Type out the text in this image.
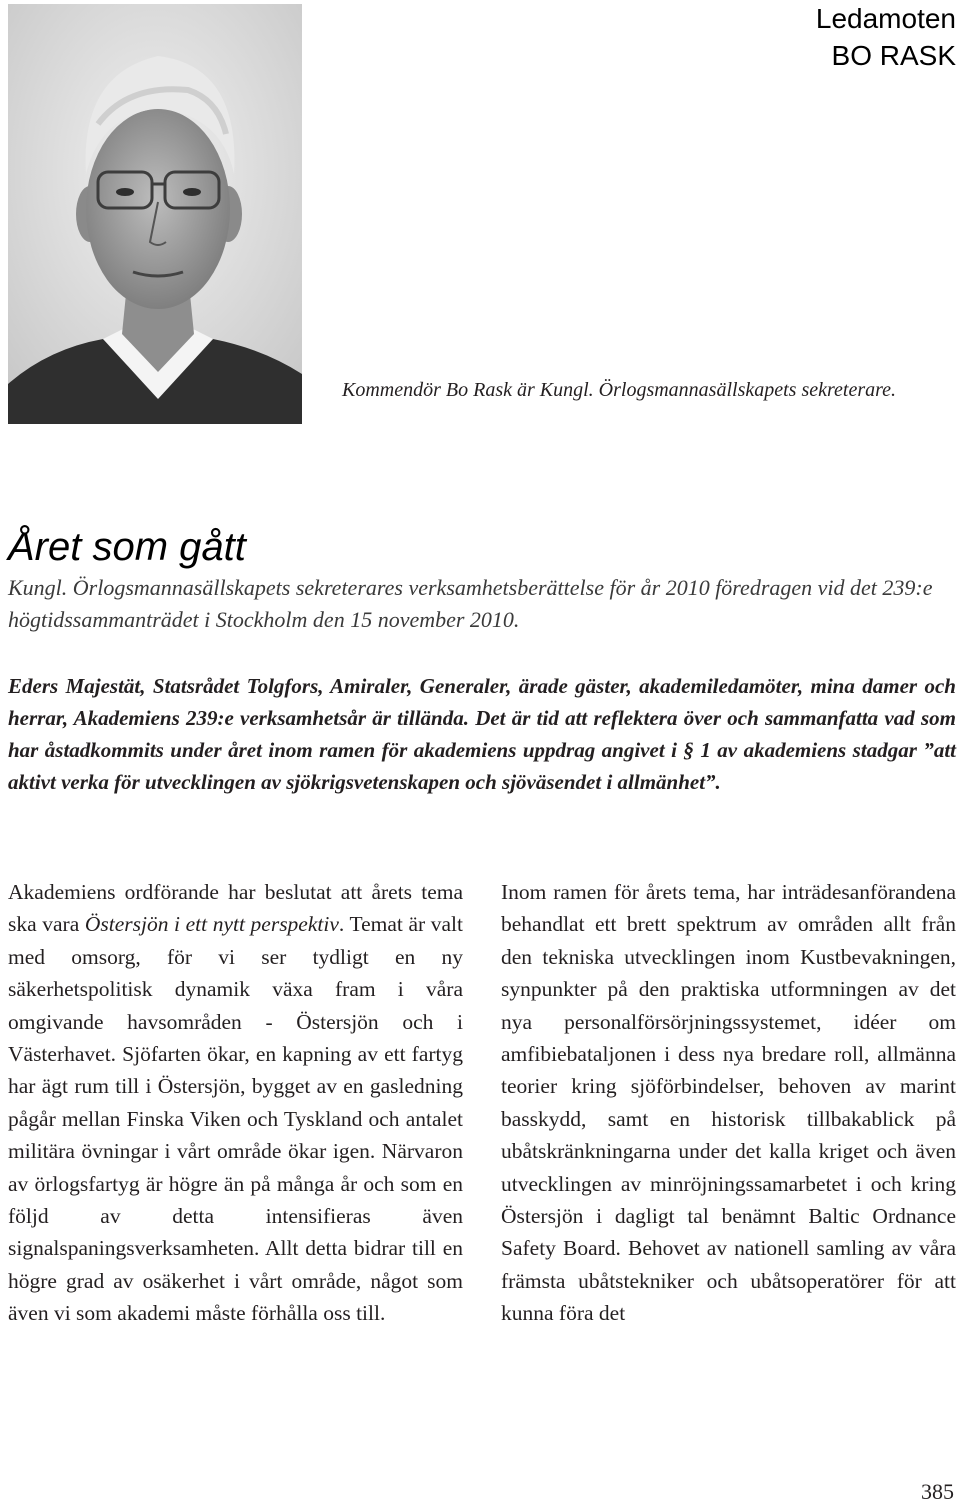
Ledamoten
BO RASK

Kommendör Bo Rask är Kungl. Örlogsmannasällskapets sekreterare.

Året som gått

Kungl. Örlogsmannasällskapets sekreterares verksamhetsberättelse för år 2010 föredragen vid det 239:e högtidssammanträdet i Stockholm den 15 november 2010.

Eders Majestät, Statsrådet Tolgfors, Amiraler, Generaler, ärade gäster, akademiledamöter, mina damer och herrar, Akademiens 239:e verksamhetsår är tillända. Det är tid att reflektera över och sammanfatta vad som har åstadkommits under året inom ramen för akademiens uppdrag angivet i § 1 av akademiens stadgar ”att aktivt verka för utvecklingen av sjökrigsvetenskapen och sjöväsendet i allmänhet”.

Akademiens ordförande har beslutat att årets tema ska vara Östersjön i ett nytt perspektiv. Temat är valt med omsorg, för vi ser tydligt en ny säkerhetspolitisk dynamik växa fram i våra omgivande havsområden - Östersjön och i Västerhavet. Sjöfarten ökar, en kapning av ett fartyg har ägt rum till i Östersjön, bygget av en gasledning pågår mellan Finska Viken och Tyskland och antalet militära övningar i vårt område ökar igen. Närvaron av örlogsfartyg är högre än på många år och som en följd av detta intensifieras även signalspaningsverksamheten. Allt detta bidrar till en högre grad av osäkerhet i vårt område, något som även vi som akademi måste förhålla oss till.

Inom ramen för årets tema, har inträdesanförandena behandlat ett brett spektrum av områden allt från den tekniska utvecklingen inom Kustbevakningen, synpunkter på den praktiska utformningen av det nya personalförsörjningssystemet, idéer om amfibiebataljonen i dess nya bredare roll, allmänna teorier kring sjöförbindelser, behoven av marint basskydd, samt en historisk tillbakablick på ubåtskränkningarna under det kalla kriget och även utvecklingen av minröjningssamarbetet i och kring Östersjön i dagligt tal benämnt Baltic Ordnance Safety Board. Behovet av nationell samling av våra främsta ubåtstekniker och ubåtsoperatörer för att kunna föra det

385
